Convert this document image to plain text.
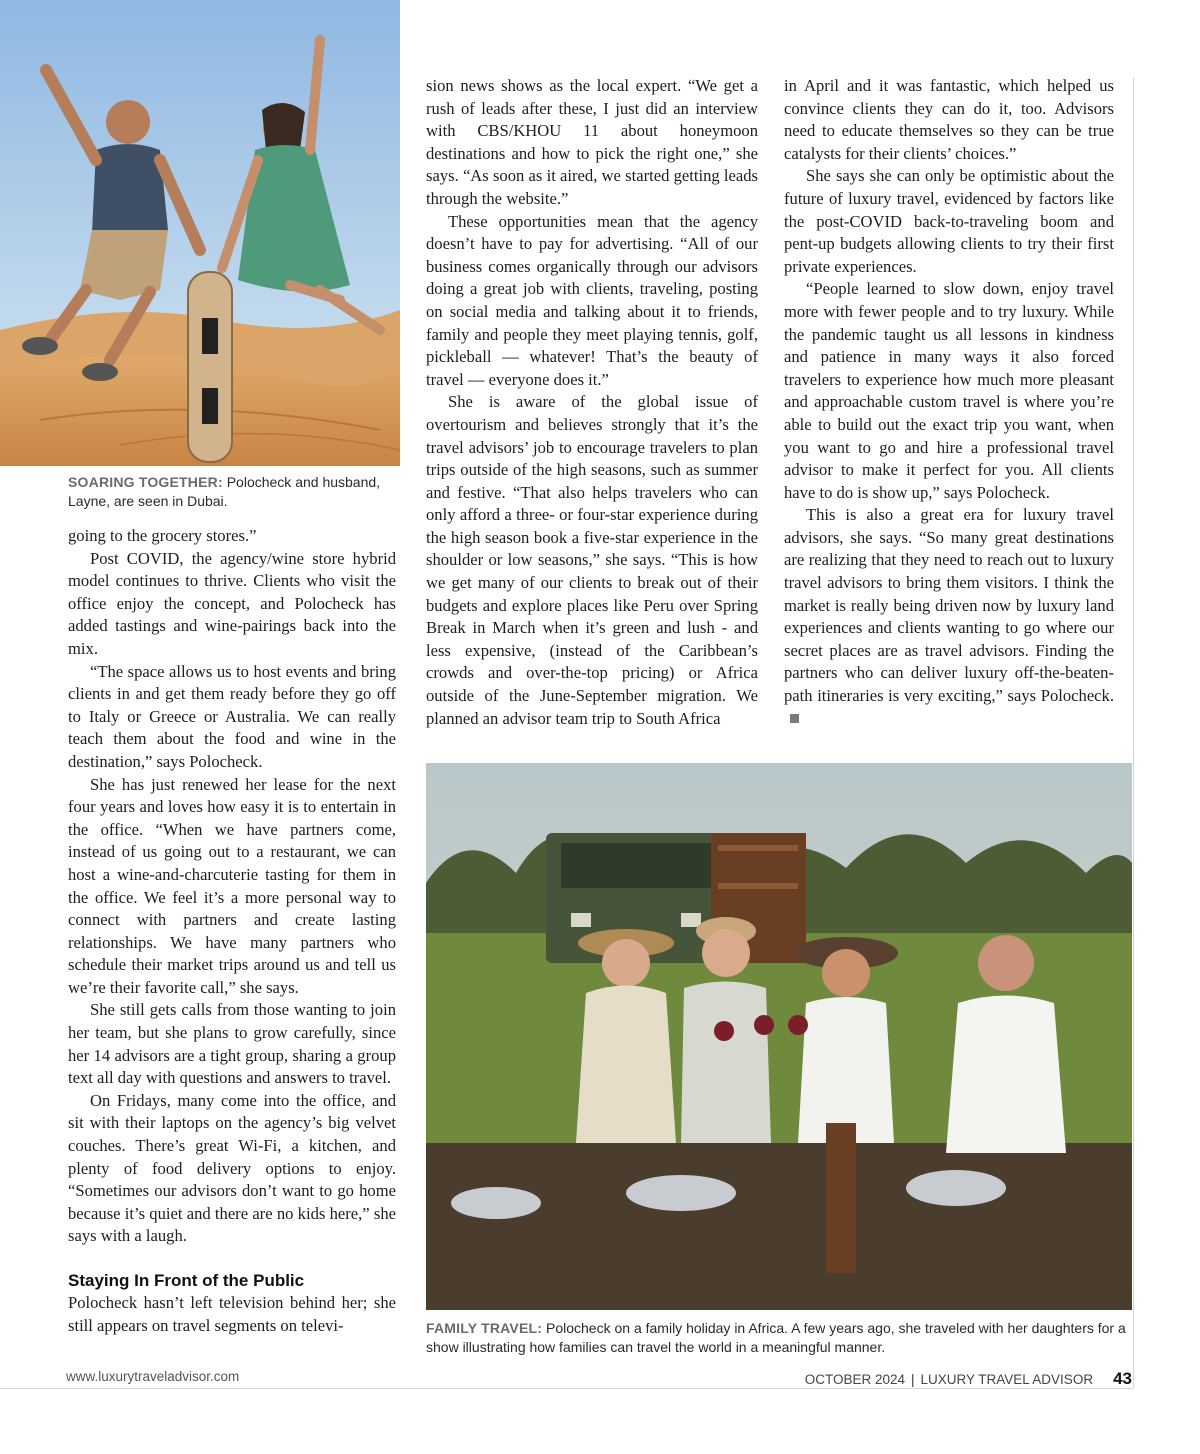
SOARING TOGETHER: Polocheck and husband, Layne, are seen in Dubai.

going to the grocery stores.”

Post COVID, the agency/wine store hybrid model continues to thrive. Clients who visit the office enjoy the concept, and Polocheck has added tastings and wine-pairings back into the mix.

“The space allows us to host events and bring clients in and get them ready before they go off to Italy or Greece or Australia. We can really teach them about the food and wine in the destination,” says Polocheck.

She has just renewed her lease for the next four years and loves how easy it is to entertain in the office. “When we have partners come, instead of us going out to a restaurant, we can host a wine-and-charcuterie tasting for them in the office. We feel it’s a more personal way to connect with partners and create lasting relationships. We have many partners who schedule their market trips around us and tell us we’re their favorite call,” she says.

She still gets calls from those wanting to join her team, but she plans to grow carefully, since her 14 advisors are a tight group, sharing a group text all day with questions and answers to travel.

On Fridays, many come into the office, and sit with their laptops on the agency’s big velvet couches. There’s great Wi-Fi, a kitchen, and plenty of food delivery options to enjoy. “Sometimes our advisors don’t want to go home because it’s quiet and there are no kids here,” she says with a laugh.

Staying In Front of the Public

Polocheck hasn’t left television behind her; she still appears on travel segments on televi-

sion news shows as the local expert. “We get a rush of leads after these, I just did an interview with CBS/KHOU 11 about honeymoon destinations and how to pick the right one,” she says. “As soon as it aired, we started getting leads through the website.”

These opportunities mean that the agency doesn’t have to pay for advertising. “All of our business comes organically through our advisors doing a great job with clients, traveling, posting on social media and talking about it to friends, family and people they meet playing tennis, golf, pickleball — whatever! That’s the beauty of travel — everyone does it.”

She is aware of the global issue of overtourism and believes strongly that it’s the travel advisors’ job to encourage travelers to plan trips outside of the high seasons, such as summer and festive. “That also helps travelers who can only afford a three- or four-star experience during the high season book a five-star experience in the shoulder or low seasons,” she says. “This is how we get many of our clients to break out of their budgets and explore places like Peru over Spring Break in March when it’s green and lush - and less expensive, (instead of the Caribbean’s crowds and over-the-top pricing) or Africa outside of the June-September migration. We planned an advisor team trip to South Africa

in April and it was fantastic, which helped us convince clients they can do it, too. Advisors need to educate themselves so they can be true catalysts for their clients’ choices.”

She says she can only be optimistic about the future of luxury travel, evidenced by factors like the post-COVID back-to-traveling boom and pent-up budgets allowing clients to try their first private experiences.

“People learned to slow down, enjoy travel more with fewer people and to try luxury. While the pandemic taught us all lessons in kindness and patience in many ways it also forced travelers to experience how much more pleasant and approachable custom travel is where you’re able to build out the exact trip you want, when you want to go and hire a professional travel advisor to make it perfect for you. All clients have to do is show up,” says Polocheck.

This is also a great era for luxury travel advisors, she says. “So many great destinations are realizing that they need to reach out to luxury travel advisors to bring them visitors. I think the market is really being driven now by luxury land experiences and clients wanting to go where our secret places are as travel advisors. Finding the partners who can deliver luxury off-the-beaten-path itineraries is very exciting,” says Polocheck.

FAMILY TRAVEL: Polocheck on a family holiday in Africa. A few years ago, she traveled with her daughters for a show illustrating how families can travel the world in a meaningful manner.
www.luxurytraveladvisor.com	OCTOBER 2024 | LUXURY TRAVEL ADVISOR 43
